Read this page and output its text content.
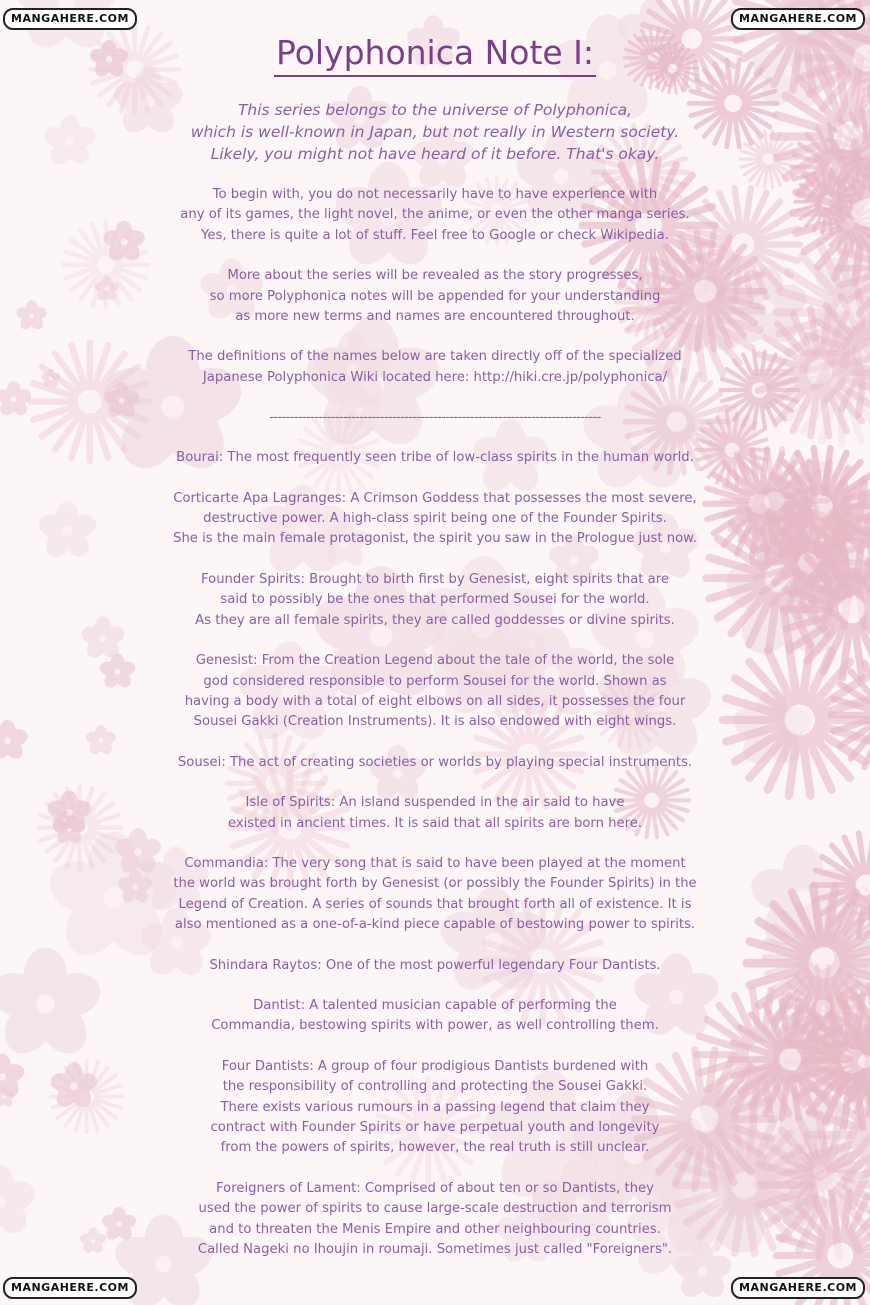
MANGAHERE.COM	MANGAHERE.COM
MANGAHERE.COM	MANGAHERE.COM
Polyphonica Note I:
This series belongs to the universe of Polyphonica,
which is well-known in Japan, but not really in Western society.
Likely, you might not have heard of it before. That's okay.
To begin with, you do not necessarily have to have experience with
any of its games, the light novel, the anime, or even the other manga series.
Yes, there is quite a lot of stuff. Feel free to Google or check Wikipedia.
More about the series will be revealed as the story progresses,
so more Polyphonica notes will be appended for your understanding
as more new terms and names are encountered throughout.
The definitions of the names below are taken directly off of the specialized
Japanese Polyphonica Wiki located here: http://hiki.cre.jp/polyphonica/
---------------------------------------------------------------------------------
Bourai: The most frequently seen tribe of low-class spirits in the human world.
Corticarte Apa Lagranges: A Crimson Goddess that possesses the most severe,
destructive power. A high-class spirit being one of the Founder Spirits.
She is the main female protagonist, the spirit you saw in the Prologue just now.
Founder Spirits: Brought to birth first by Genesist, eight spirits that are
said to possibly be the ones that performed Sousei for the world.
As they are all female spirits, they are called goddesses or divine spirits.
Genesist: From the Creation Legend about the tale of the world, the sole
god considered responsible to perform Sousei for the world. Shown as
having a body with a total of eight elbows on all sides, it possesses the four
Sousei Gakki (Creation Instruments). It is also endowed with eight wings.
Sousei: The act of creating societies or worlds by playing special instruments.
Isle of Spirits: An island suspended in the air said to have
existed in ancient times. It is said that all spirits are born here.
Commandia: The very song that is said to have been played at the moment
the world was brought forth by Genesist (or possibly the Founder Spirits) in the
Legend of Creation. A series of sounds that brought forth all of existence. It is
also mentioned as a one-of-a-kind piece capable of bestowing power to spirits.
Shindara Raytos: One of the most powerful legendary Four Dantists.
Dantist: A talented musician capable of performing the
Commandia, bestowing spirits with power, as well controlling them.
Four Dantists: A group of four prodigious Dantists burdened with
the responsibility of controlling and protecting the Sousei Gakki.
There exists various rumours in a passing legend that claim they
contract with Founder Spirits or have perpetual youth and longevity
from the powers of spirits, however, the real truth is still unclear.
Foreigners of Lament: Comprised of about ten or so Dantists, they
used the power of spirits to cause large-scale destruction and terrorism
and to threaten the Menis Empire and other neighbouring countries.
Called Nageki no Ihoujin in roumaji. Sometimes just called "Foreigners".
